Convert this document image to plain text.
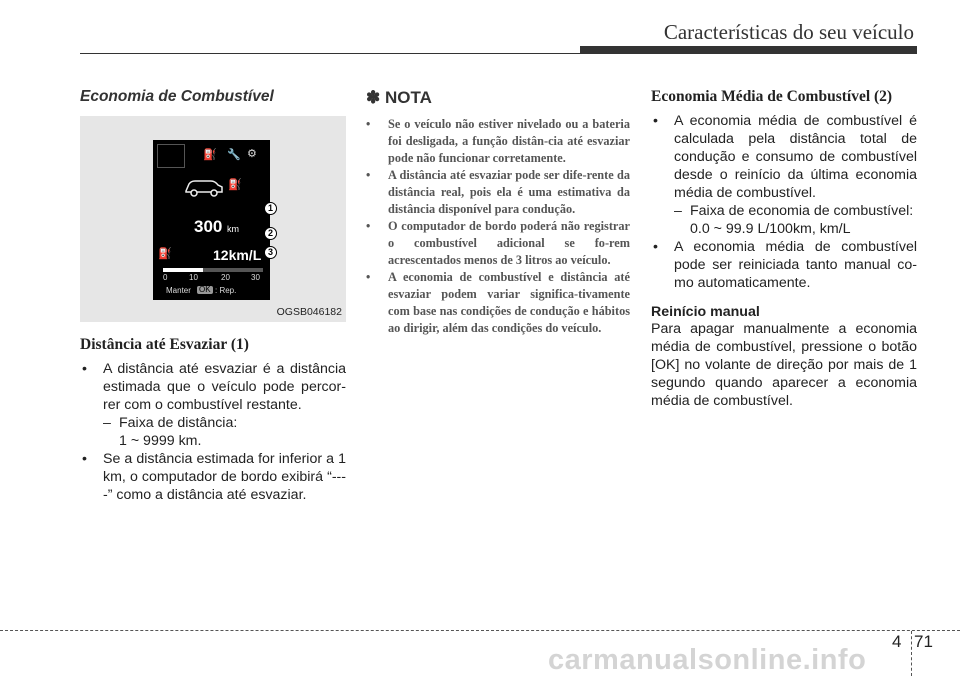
Características do seu veículo
Economia de Combustível
⛽ 🔧 ⚙
⛽
300 km
⛽	12km/L
0	10	20	30
Manter OK : Rep.
1
2
3
OGSB046182
Distância até Esvaziar (1)
• A distância até esvaziar é a distância estimada que o veículo pode percor-rer com o combustível restante.
– Faixa de distância:
1 ~ 9999 km.
• Se a distância estimada for inferior a 1 km, o computador de bordo exibirá “----” como a distância até esvaziar.
✽ NOTA
• Se o veículo não estiver nivelado ou a bateria foi desligada, a função distân-cia até esvaziar pode não funcionar corretamente.
• A distância até esvaziar pode ser dife-rente da distância real, pois ela é uma estimativa da distância disponível para condução.
• O computador de bordo poderá não registrar o combustível adicional se fo-rem acrescentados menos de 3 litros ao veículo.
• A economia de combustível e distância até esvaziar podem variar significa-tivamente com base nas condições de condução e hábitos ao dirigir, além das condições do veículo.
Economia Média de Combustível (2)
• A economia média de combustível é calculada pela distância total de condução e consumo de combustível desde o reinício da última economia média de combustível.
– Faixa de economia de combustível:
0.0 ~ 99.9 L/100km, km/L
• A economia média de combustível pode ser reiniciada tanto manual co-mo automaticamente.

Reinício manual

Para apagar manualmente a economia média de combustível, pressione o botão [OK] no volante de direção por mais de 1 segundo quando aparecer a economia média de combustível.

4 71
carmanualsonline.info
